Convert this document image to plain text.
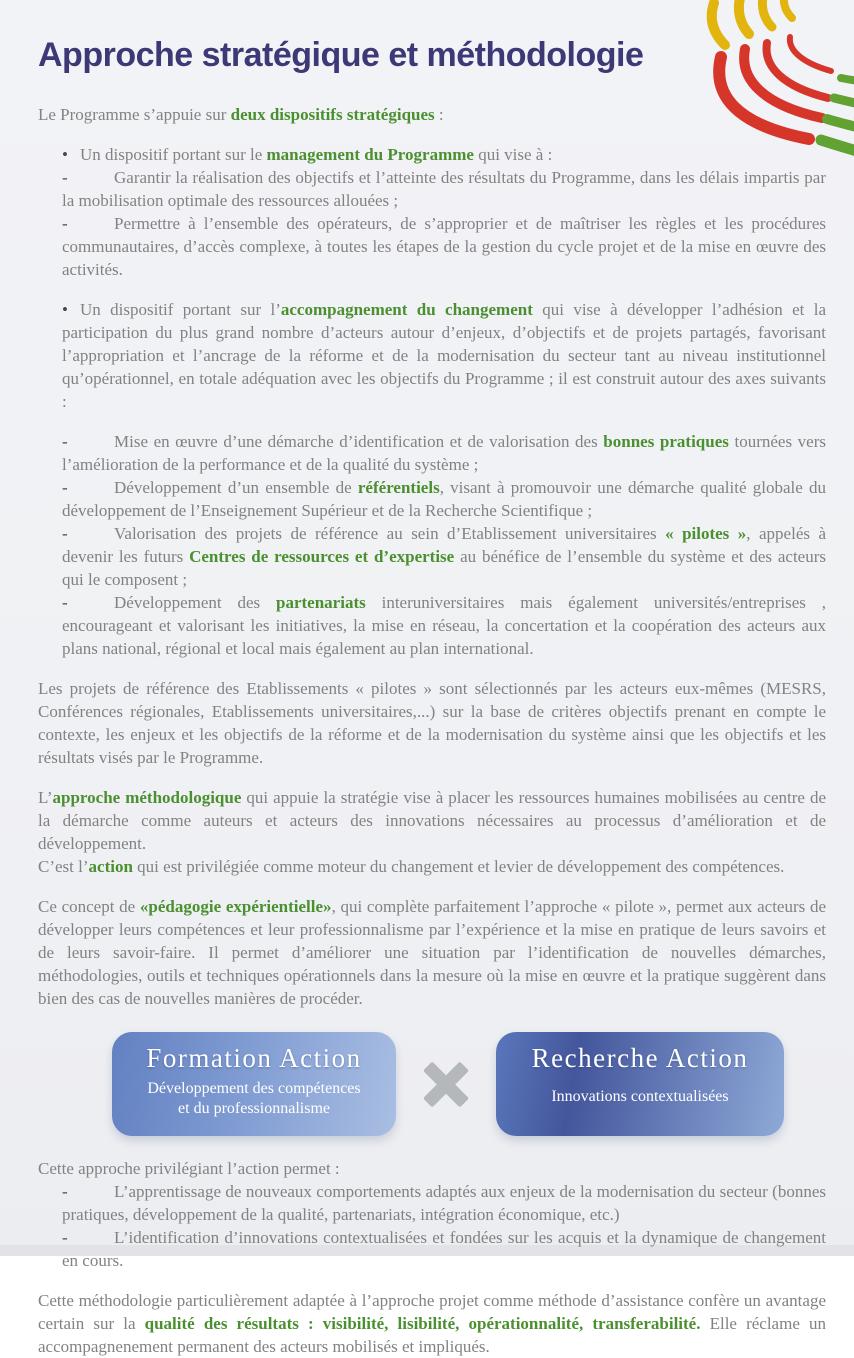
Approche stratégique et méthodologie

Le Programme s’appuie sur deux dispositifs stratégiques :

• Un dispositif portant sur le management du Programme qui vise à :

-	Garantir la réalisation des objectifs et l’atteinte des résultats du Programme, dans les délais impartis par la mobilisation optimale des ressources allouées ;

-	Permettre à l’ensemble des opérateurs, de s’approprier et de maîtriser les règles et les procédures communautaires, d’accès complexe, à toutes les étapes de la gestion du cycle projet et de la mise en œuvre des activités.

• Un dispositif portant sur l’accompagnement du changement qui vise à développer l’adhésion et la participation du plus grand nombre d’acteurs autour d’enjeux, d’objectifs et de projets partagés, favorisant l’appropriation et l’ancrage de la réforme et de la modernisation du secteur tant au niveau institutionnel qu’opérationnel, en totale adéquation avec les objectifs du Programme ; il est construit autour des axes suivants :

-	Mise en œuvre d’une démarche d’identification et de valorisation des bonnes pratiques tournées vers l’amélioration de la performance et de la qualité du système ;

-	Développement d’un ensemble de référentiels, visant à promouvoir une démarche qualité globale du développement de l’Enseignement Supérieur et de la Recherche Scientifique ;

-	Valorisation des projets de référence au sein d’Etablissement universitaires « pilotes », appelés à devenir les futurs Centres de ressources et d’expertise au bénéfice de l’ensemble du système et des acteurs qui le composent ;

-	Développement des partenariats interuniversitaires mais également universités/entreprises , encourageant et valorisant les initiatives, la mise en réseau, la concertation et la coopération des acteurs aux plans national, régional et local mais également au plan international.

Les projets de référence des Etablissements « pilotes » sont sélectionnés par les acteurs eux-mêmes (MESRS, Conférences régionales, Etablissements universitaires,...) sur la base de critères objectifs prenant en compte le contexte, les enjeux et les objectifs de la réforme et de la modernisation du système ainsi que les objectifs et les résultats visés par le Programme.

L’approche méthodologique qui appuie la stratégie vise à placer les ressources humaines mobilisées au centre de la démarche comme auteurs et acteurs des innovations nécessaires au processus d’amélioration et de développement.

C’est l’action qui est privilégiée comme moteur du changement et levier de développement des compétences.

Ce concept de «pédagogie expérientielle», qui complète parfaitement l’approche « pilote », permet aux acteurs de développer leurs compétences et leur professionnalisme par l’expérience et la mise en pratique de leurs savoirs et de leurs savoir-faire. Il permet d’améliorer une situation par l’identification de nouvelles démarches, méthodologies, outils et techniques opérationnels dans la mesure où la mise en œuvre et la pratique suggèrent dans bien des cas de nouvelles manières de procéder.

Formation Action
Développement des compétences
et du professionnalisme
Recherche Action
Innovations contextualisées

Cette approche privilégiant l’action permet :

-	L’apprentissage de nouveaux comportements adaptés aux enjeux de la modernisation du secteur (bonnes pratiques, développement de la qualité, partenariats, intégration économique, etc.)

-	L’identification d’innovations contextualisées et fondées sur les acquis et la dynamique de changement en cours.

Cette méthodologie particulièrement adaptée à l’approche projet comme méthode d’assistance confère un avantage certain sur la qualité des résultats : visibilité, lisibilité, opérationnalité, transferabilité. Elle réclame un accompagnenement permanent des acteurs mobilisés et impliqués.
